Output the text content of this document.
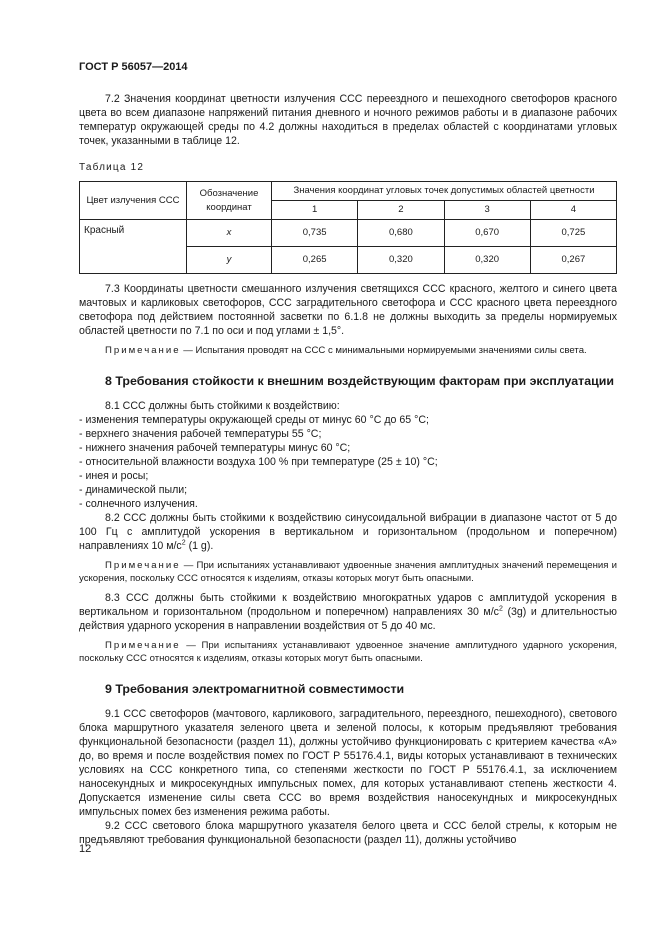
ГОСТ Р 56057—2014

7.2 Значения координат цветности излучения ССС переездного и пешеходного светофоров красного цвета во всем диапазоне напряжений питания дневного и ночного режимов работы и в диапазоне рабочих температур окружающей среды по 4.2 должны находиться в пределах областей с координатами угловых точек, указанными в таблице 12.

Таблица 12
Цвет излучения ССС	Обозначение координат	Значения координат угловых точек допустимых областей цветности			
		1	2	3	4
Красный	x	0,735	0,680	0,670	0,725
	y	0,265	0,320	0,320	0,267

7.3 Координаты цветности смешанного излучения светящихся ССС красного, желтого и синего цвета мачтовых и карликовых светофоров, ССС заградительного светофора и ССС красного цвета переездного светофора под действием постоянной засветки по 6.1.8 не должны выходить за пределы нормируемых областей цветности по 7.1 по оси и под углами ± 1,5°.

Примечание — Испытания проводят на ССС с минимальными нормируемыми значениями силы света.
8 Требования стойкости к внешним воздействующим факторам при эксплуатации

8.1 ССС должны быть стойкими к воздействию:

- изменения температуры окружающей среды от минус 60 °С до 65 °С;
- верхнего значения рабочей температуры 55 °С;
- нижнего значения рабочей температуры минус 60 °С;
- относительной влажности воздуха 100 % при температуре (25 ± 10) °С;
- инея и росы;
- динамической пыли;
- солнечного излучения.

8.2 ССС должны быть стойкими к воздействию синусоидальной вибрации в диапазоне частот от 5 до 100 Гц с амплитудой ускорения в вертикальном и горизонтальном (продольном и поперечном) направлениях 10 $м/с^2$ (1 g).

Примечание — При испытаниях устанавливают удвоенные значения амплитудных значений перемещения и ускорения, поскольку ССС относятся к изделиям, отказы которых могут быть опасными.

8.3 ССС должны быть стойкими к воздействию многократных ударов с амплитудой ускорения в вертикальном и горизонтальном (продольном и поперечном) направлениях 30 $м/с^2$ (3g) и длительностью действия ударного ускорения в направлении воздействия от 5 до 40 мс.

Примечание — При испытаниях устанавливают удвоенное значение амплитудного ударного ускорения, поскольку ССС относятся к изделиям, отказы которых могут быть опасными.
9 Требования электромагнитной совместимости

9.1 ССС светофоров (мачтового, карликового, заградительного, переездного, пешеходного), светового блока маршрутного указателя зеленого цвета и зеленой полосы, к которым предъявляют требования функциональной безопасности (раздел 11), должны устойчиво функционировать с критерием качества «А» до, во время и после воздействия помех по ГОСТ Р 55176.4.1, виды которых устанавливают в технических условиях на ССС конкретного типа, со степенями жесткости по ГОСТ Р 55176.4.1, за исключением наносекундных и микросекундных импульсных помех, для которых устанавливают степень жесткости 4. Допускается изменение силы света ССС во время воздействия наносекундных и микросекундных импульсных помех без изменения режима работы.

9.2 ССС светового блока маршрутного указателя белого цвета и ССС белой стрелы, к которым не предъявляют требования функциональной безопасности (раздел 11), должны устойчиво

12
